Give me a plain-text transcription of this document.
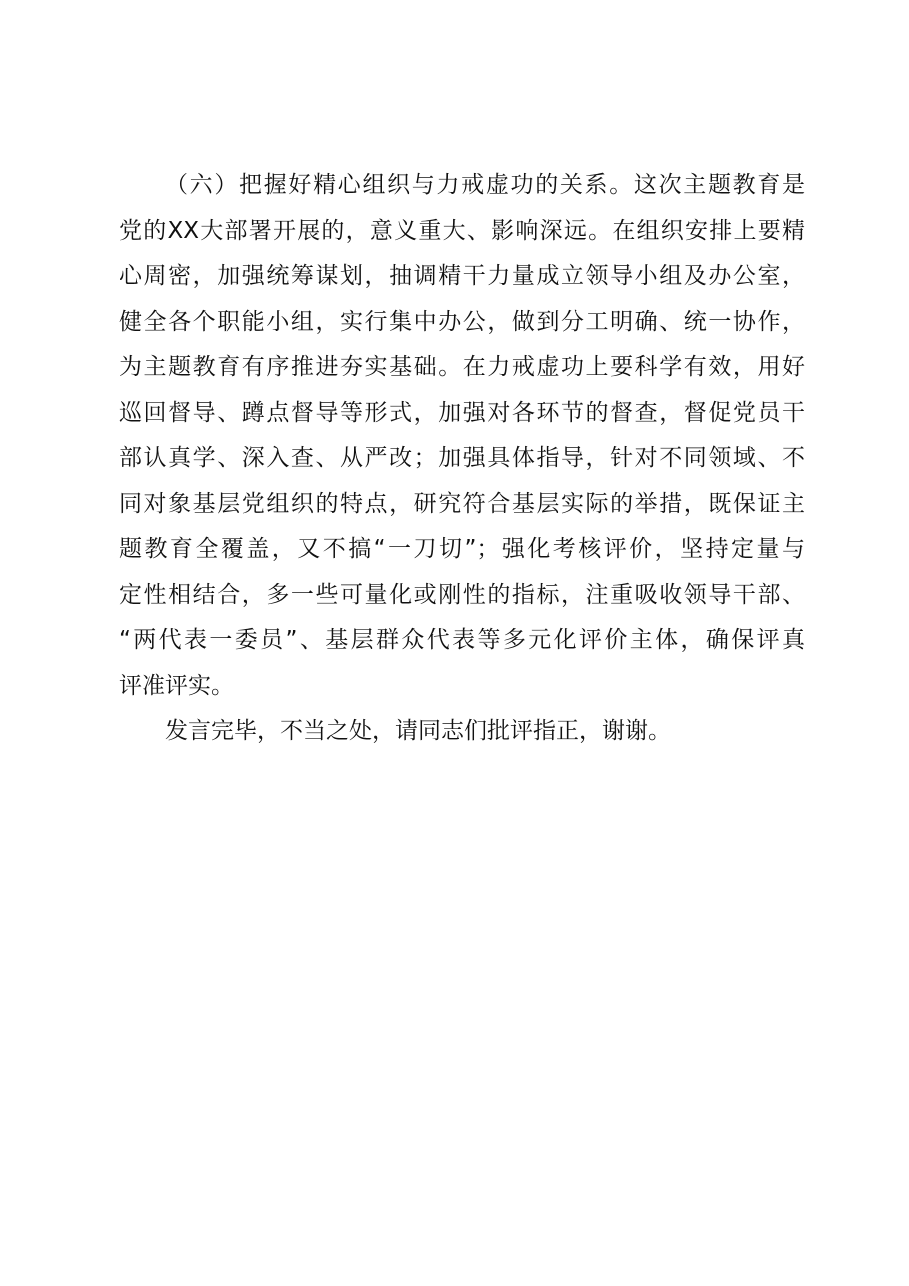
（六）把握好精心组织与力戒虚功的关系。这次主题教育是
党的XX大部署开展的，意义重大、影响深远。在组织安排上要精
心周密，加强统筹谋划，抽调精干力量成立领导小组及办公室，
健全各个职能小组，实行集中办公，做到分工明确、统一协作，
为主题教育有序推进夯实基础。在力戒虚功上要科学有效，用好
巡回督导、蹲点督导等形式，加强对各环节的督查，督促党员干
部认真学、深入查、从严改；加强具体指导，针对不同领域、不
同对象基层党组织的特点，研究符合基层实际的举措，既保证主
题教育全覆盖，又不搞“一刀切”；强化考核评价，坚持定量与
定性相结合，多一些可量化或刚性的指标，注重吸收领导干部、
“两代表一委员”、基层群众代表等多元化评价主体，确保评真
评准评实。
发言完毕，不当之处，请同志们批评指正，谢谢。
